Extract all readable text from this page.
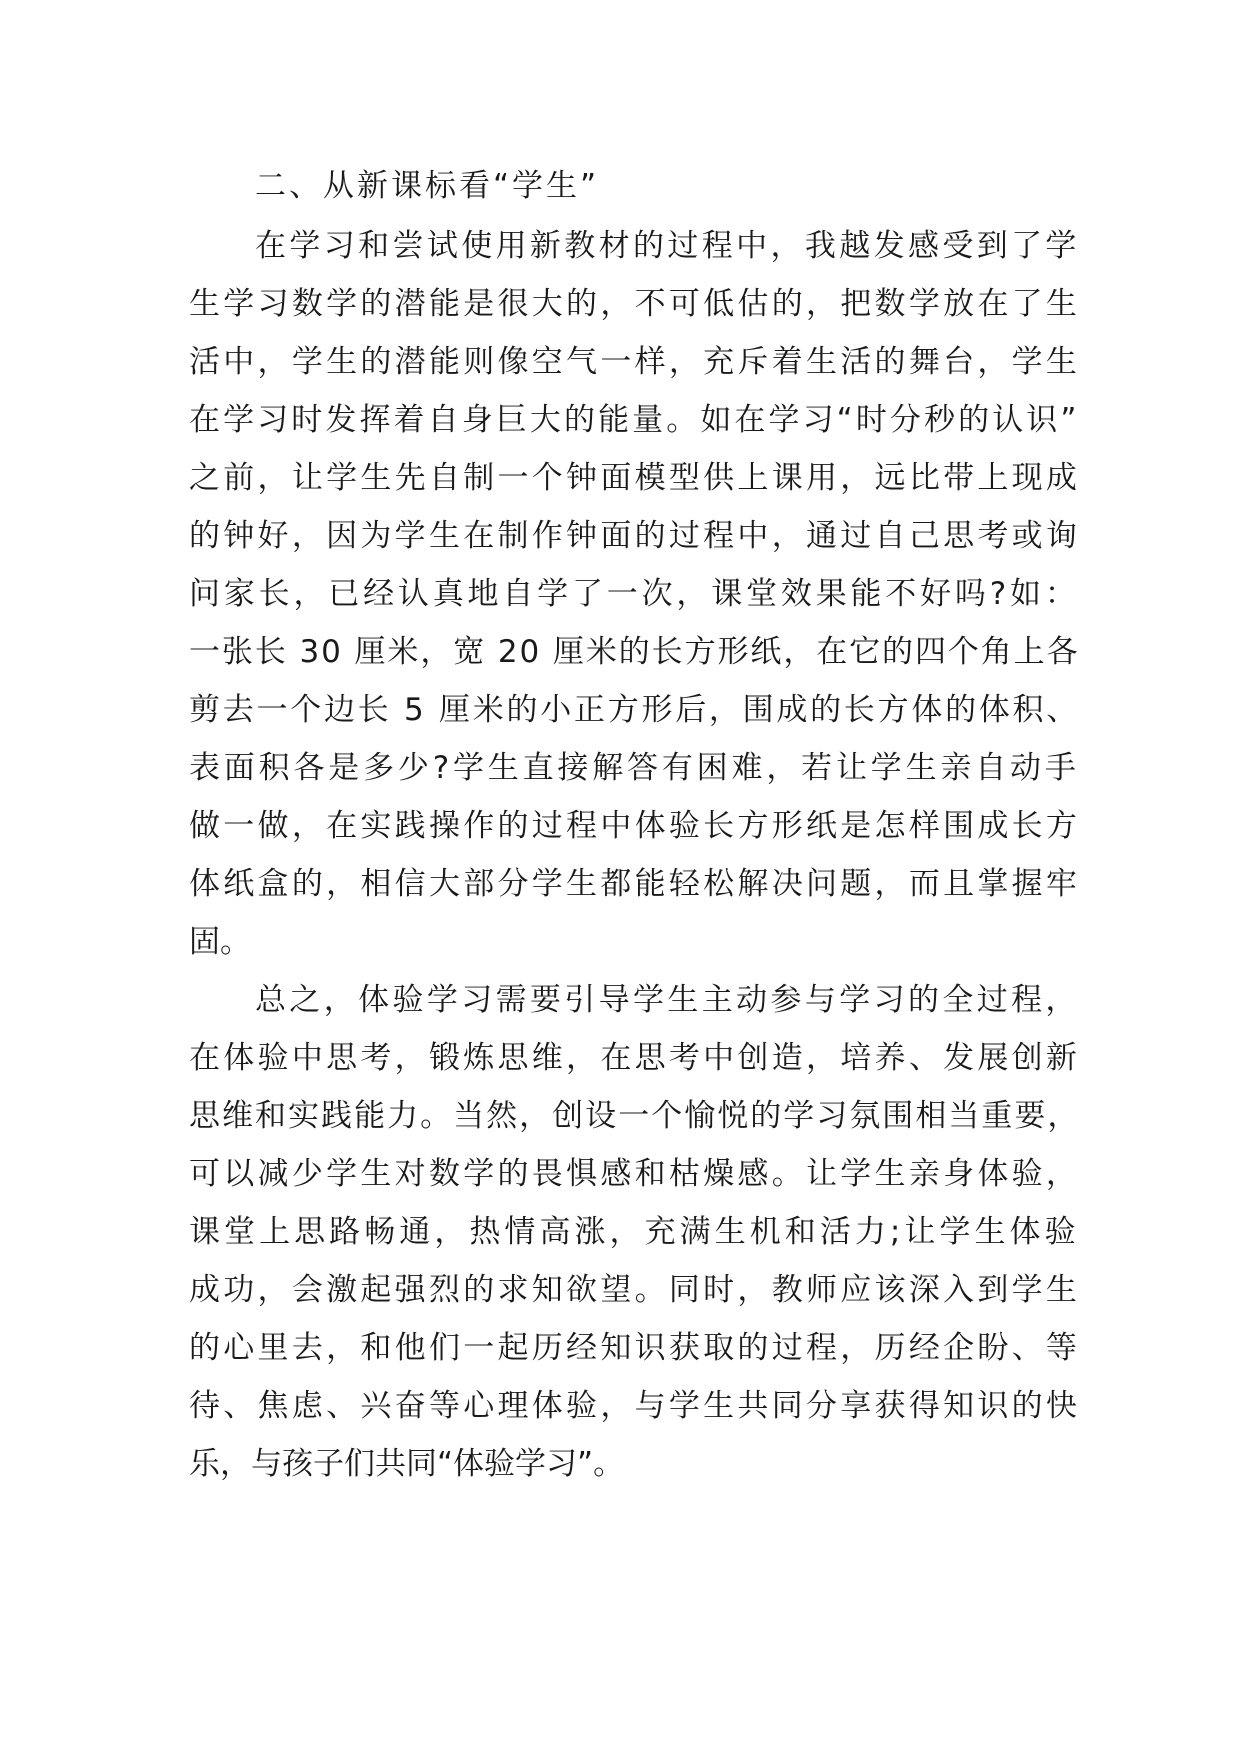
二、从新课标看“学生”
在学习和尝试使用新教材的过程中，我越发感受到了学
生学习数学的潜能是很大的，不可低估的，把数学放在了生
活中，学生的潜能则像空气一样，充斥着生活的舞台，学生
在学习时发挥着自身巨大的能量。如在学习“时分秒的认识”
之前，让学生先自制一个钟面模型供上课用，远比带上现成
的钟好，因为学生在制作钟面的过程中，通过自己思考或询
问家长，已经认真地自学了一次，课堂效果能不好吗?如：
一张长 30 厘米，宽 20 厘米的长方形纸，在它的四个角上各
剪去一个边长 5 厘米的小正方形后，围成的长方体的体积、
表面积各是多少?学生直接解答有困难，若让学生亲自动手
做一做，在实践操作的过程中体验长方形纸是怎样围成长方
体纸盒的，相信大部分学生都能轻松解决问题，而且掌握牢
固。
总之，体验学习需要引导学生主动参与学习的全过程，
在体验中思考，锻炼思维，在思考中创造，培养、发展创新
思维和实践能力。当然，创设一个愉悦的学习氛围相当重要，
可以减少学生对数学的畏惧感和枯燥感。让学生亲身体验，
课堂上思路畅通，热情高涨，充满生机和活力;让学生体验
成功，会激起强烈的求知欲望。同时，教师应该深入到学生
的心里去，和他们一起历经知识获取的过程，历经企盼、等
待、焦虑、兴奋等心理体验，与学生共同分享获得知识的快
乐，与孩子们共同“体验学习”。
